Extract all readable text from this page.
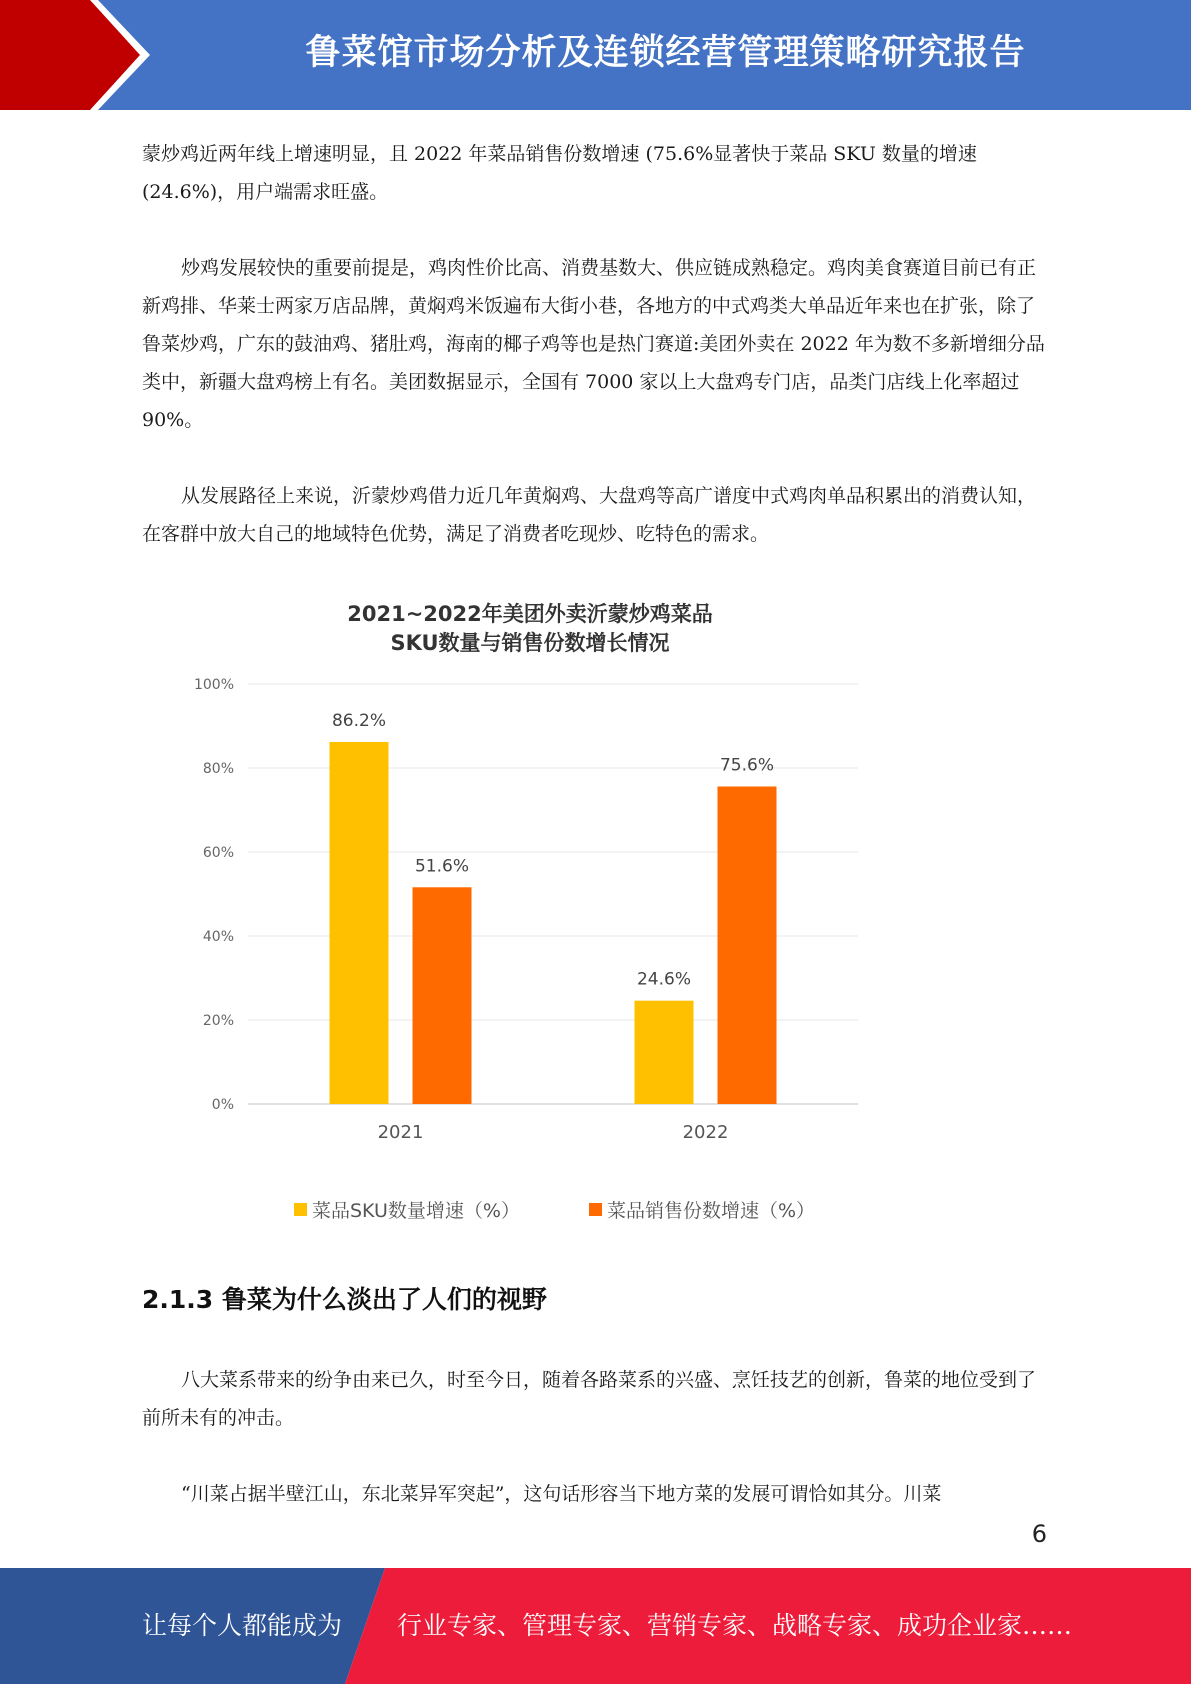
鲁菜馆市场分析及连锁经营管理策略研究报告

蒙炒鸡近两年线上增速明显，且 2022 年菜品销售份数增速 (75.6%显著快于菜品 SKU 数量的增速 (24.6%)，用户端需求旺盛。

炒鸡发展较快的重要前提是，鸡肉性价比高、消费基数大、供应链成熟稳定。鸡肉美食赛道目前已有正新鸡排、华莱士两家万店品牌，黄焖鸡米饭遍布大街小巷，各地方的中式鸡类大单品近年来也在扩张，除了鲁菜炒鸡，广东的鼓油鸡、猪肚鸡，海南的椰子鸡等也是热门赛道:美团外卖在 2022 年为数不多新增细分品类中，新疆大盘鸡榜上有名。美团数据显示，全国有 7000 家以上大盘鸡专门店，品类门店线上化率超过 90%。

从发展路径上来说，沂蒙炒鸡借力近几年黄焖鸡、大盘鸡等高广谱度中式鸡肉单品积累出的消费认知，在客群中放大自己的地域特色优势，满足了消费者吃现炒、吃特色的需求。

2021~2022年美团外卖沂蒙炒鸡菜品
SKU数量与销售份数增长情况
0%
20%
40%
60%
80%
100%
86.2%
51.6%
2021
24.6%
75.6%
2022
菜品SKU数量增速（%）	菜品销售份数增速（%）
2.1.3 鲁菜为什么淡出了人们的视野

八大菜系带来的纷争由来已久，时至今日，随着各路菜系的兴盛、烹饪技艺的创新，鲁菜的地位受到了前所未有的冲击。

“川菜占据半壁江山，东北菜异军突起”，这句话形容当下地方菜的发展可谓恰如其分。川菜

6
让每个人都能成为 行业专家、管理专家、营销专家、战略专家、成功企业家……
